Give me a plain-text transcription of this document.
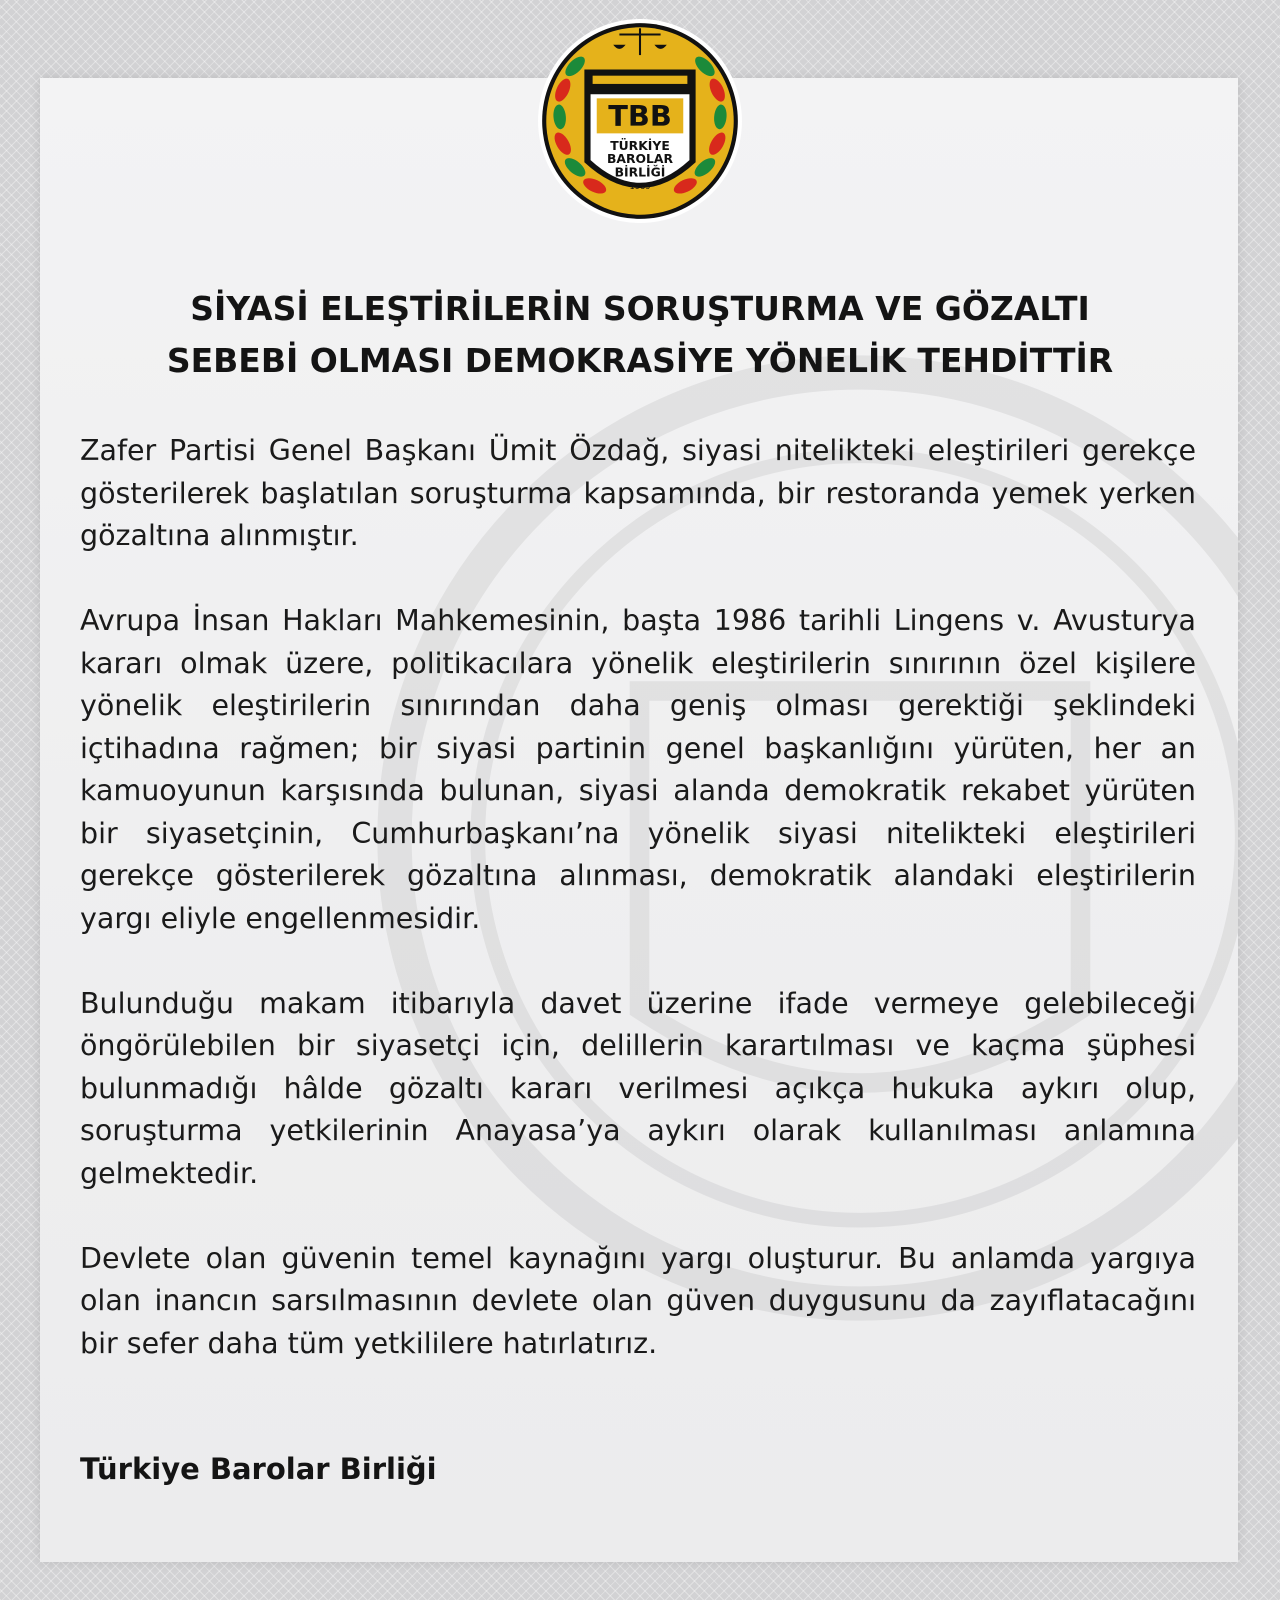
TBB
TÜRKİYE
BAROLAR
BİRLİĞİ
1969
SİYASİ ELEŞTİRİLERİN SORUŞTURMA VE GÖZALTI
SEBEBİ OLMASI DEMOKRASİYE YÖNELİK TEHDİTTİR

Zafer Partisi Genel Başkanı Ümit Özdağ, siyasi nitelikteki eleştirileri gerekçe gösterilerek başlatılan soruşturma kapsamında, bir restoranda yemek yerken gözaltına alınmıştır.

Avrupa İnsan Hakları Mahkemesinin, başta 1986 tarihli Lingens v. Avusturya kararı olmak üzere, politikacılara yönelik eleştirilerin sınırının özel kişilere yönelik eleştirilerin sınırından daha geniş olması gerektiği şeklindeki içtihadına rağmen; bir siyasi partinin genel başkanlığını yürüten, her an kamuoyunun karşısında bulunan, siyasi alanda demokratik rekabet yürüten bir siyasetçinin, Cumhurbaşkanı’na yönelik siyasi nitelikteki eleştirileri gerekçe gösterilerek gözaltına alınması, demokratik alandaki eleştirilerin yargı eliyle engellenmesidir.

Bulunduğu makam itibarıyla davet üzerine ifade vermeye gelebileceği öngörülebilen bir siyasetçi için, delillerin karartılması ve kaçma şüphesi bulunmadığı hâlde gözaltı kararı verilmesi açıkça hukuka aykırı olup, soruşturma yetkilerinin Anayasa’ya aykırı olarak kullanılması anlamına gelmektedir.

Devlete olan güvenin temel kaynağını yargı oluşturur. Bu anlamda yargıya olan inancın sarsılmasının devlete olan güven duygusunu da zayıflatacağını bir sefer daha tüm yetkililere hatırlatırız.

Türkiye Barolar Birliği
